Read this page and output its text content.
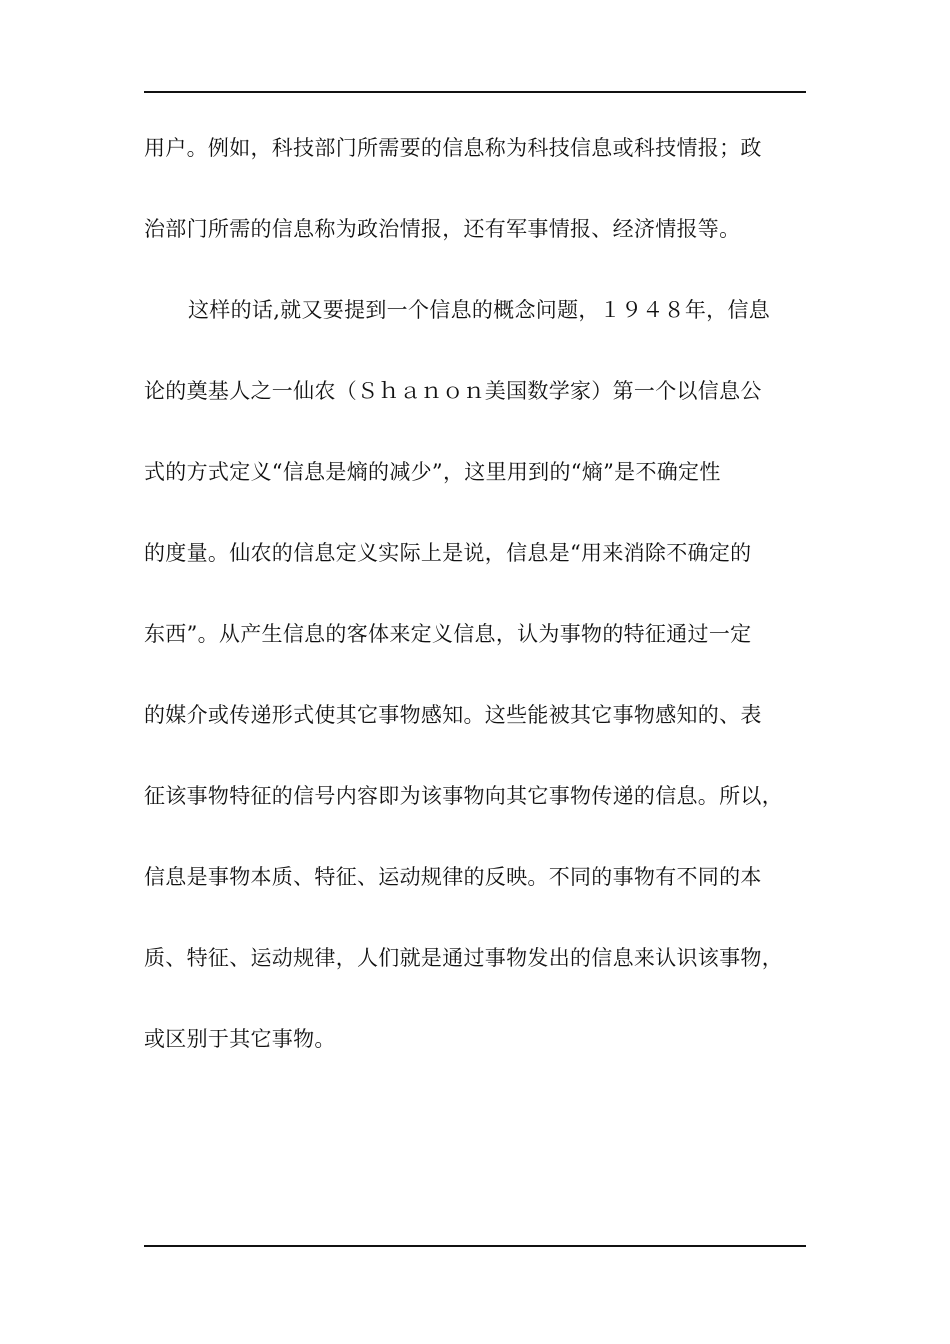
用户。例如，科技部门所需要的信息称为科技信息或科技情报；政
治部门所需的信息称为政治情报，还有军事情报、经济情报等。
这样的话,就又要提到一个信息的概念问题，１９４８年，信息
论的奠基人之一仙农（Ｓｈａｎｏｎ美国数学家）第一个以信息公
式的方式定义“信息是熵的减少”，这里用到的“熵”是不确定性
的度量。仙农的信息定义实际上是说，信息是“用来消除不确定的
东西”。从产生信息的客体来定义信息，认为事物的特征通过一定
的媒介或传递形式使其它事物感知。这些能被其它事物感知的、表
征该事物特征的信号内容即为该事物向其它事物传递的信息。所以，
信息是事物本质、特征、运动规律的反映。不同的事物有不同的本
质、特征、运动规律，人们就是通过事物发出的信息来认识该事物，
或区别于其它事物。
